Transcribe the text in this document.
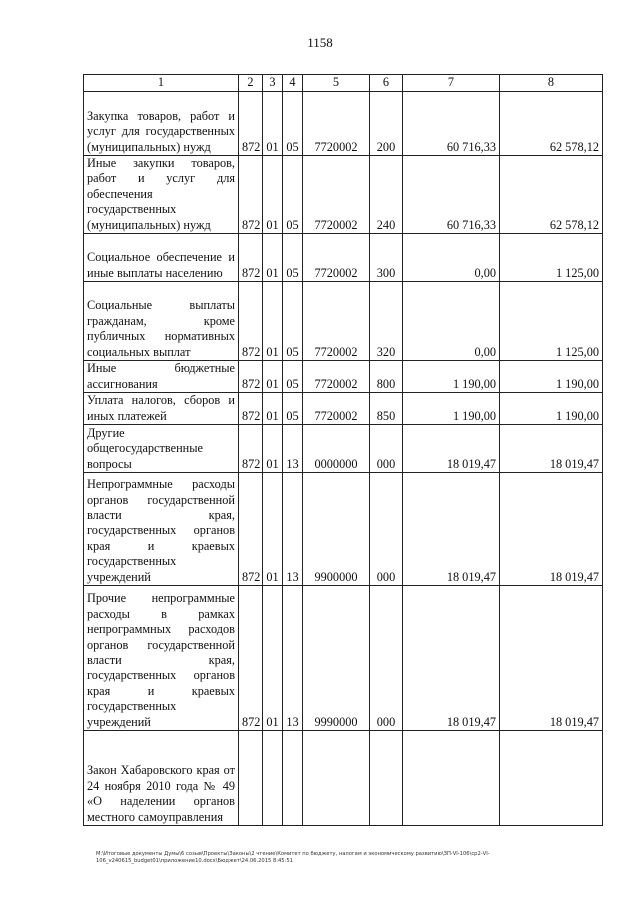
1158
1	2	3	4	5	6	7	8

Закупка товаров, работ и услуг для государственных (муниципальных) нужд	872	01	05	7720002	200	60 716,33	62 578,12

Иные закупки товаров, работ и услуг для обеспечения государственных (муниципальных) нужд	872	01	05	7720002	240	60 716,33	62 578,12

Социальное обеспечение и иные выплаты населению	872	01	05	7720002	300	0,00	1 125,00

Социальные выплаты гражданам, кроме публичных нормативных социальных выплат	872	01	05	7720002	320	0,00	1 125,00

Иные бюджетные ассигнования	872	01	05	7720002	800	1 190,00	1 190,00

Уплата налогов, сборов и иных платежей	872	01	05	7720002	850	1 190,00	1 190,00

Другие общегосударственные вопросы	872	01	13	0000000	000	18 019,47	18 019,47

Непрограммные расходы органов государственной власти края, государственных органов края и краевых государственных учреждений	872	01	13	9900000	000	18 019,47	18 019,47

Прочие непрограммные расходы в рамках непрограммных расходов органов государственной власти края, государственных органов края и краевых государственных учреждений	872	01	13	9990000	000	18 019,47	18 019,47

Закон Хабаровского края от 24 ноября 2010 года № 49 «О наделении органов местного самоуправления							

M:\Итоговые документы Думы\6 созыв\Проекты\Законы\2 чтение\Комитет по бюджету, налогам и экономическому развитию\ЗП-VI-106\ср2-VI-
106_v240615_budget01\приложение10.docx\Бюджет\24.06.2015 8:45:51
